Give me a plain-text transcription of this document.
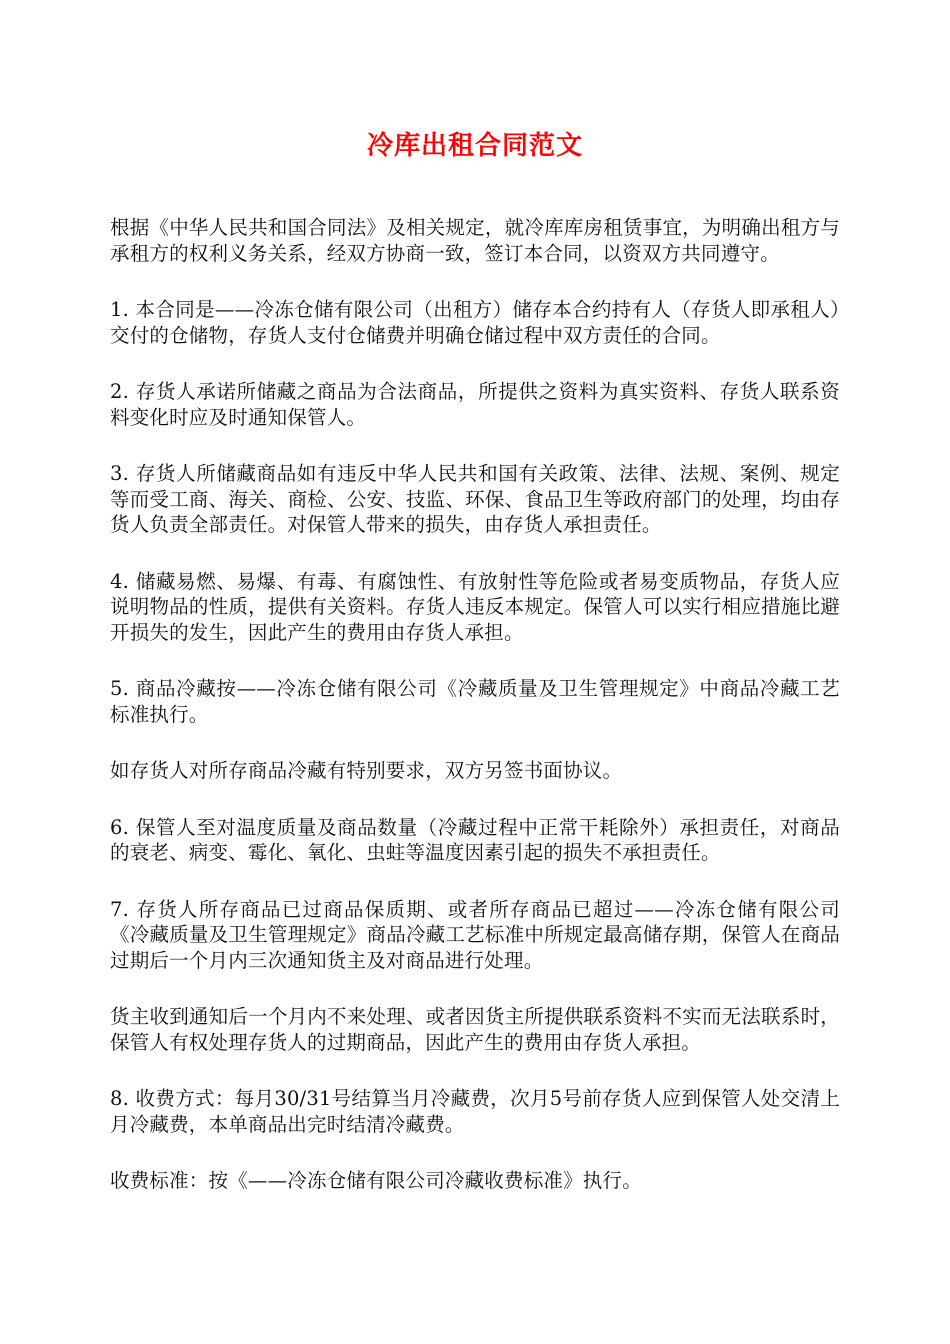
冷库出租合同范文

根据《中华人民共和国合同法》及相关规定，就冷库库房租赁事宜，为明确出租方与承租方的权利义务关系，经双方协商一致，签订本合同，以资双方共同遵守。

1. 本合同是——冷冻仓储有限公司（出租方）储存本合约持有人（存货人即承租人）交付的仓储物，存货人支付仓储费并明确仓储过程中双方责任的合同。

2. 存货人承诺所储藏之商品为合法商品，所提供之资料为真实资料、存货人联系资料变化时应及时通知保管人。

3. 存货人所储藏商品如有违反中华人民共和国有关政策、法律、法规、案例、规定等而受工商、海关、商检、公安、技监、环保、食品卫生等政府部门的处理，均由存货人负责全部责任。对保管人带来的损失，由存货人承担责任。

4. 储藏易燃、易爆、有毒、有腐蚀性、有放射性等危险或者易变质物品，存货人应说明物品的性质，提供有关资料。存货人违反本规定。保管人可以实行相应措施比避开损失的发生，因此产生的费用由存货人承担。

5. 商品冷藏按——冷冻仓储有限公司《冷藏质量及卫生管理规定》中商品冷藏工艺标准执行。

如存货人对所存商品冷藏有特别要求，双方另签书面协议。

6. 保管人至对温度质量及商品数量（冷藏过程中正常干耗除外）承担责任，对商品的衰老、病变、霉化、氧化、虫蛀等温度因素引起的损失不承担责任。

7. 存货人所存商品已过商品保质期、或者所存商品已超过——冷冻仓储有限公司《冷藏质量及卫生管理规定》商品冷藏工艺标准中所规定最高储存期，保管人在商品过期后一个月内三次通知货主及对商品进行处理。

货主收到通知后一个月内不来处理、或者因货主所提供联系资料不实而无法联系时，保管人有权处理存货人的过期商品，因此产生的费用由存货人承担。

8. 收费方式：每月30/31号结算当月冷藏费，次月5号前存货人应到保管人处交清上月冷藏费，本单商品出完时结清冷藏费。

收费标准：按《——冷冻仓储有限公司冷藏收费标准》执行。
